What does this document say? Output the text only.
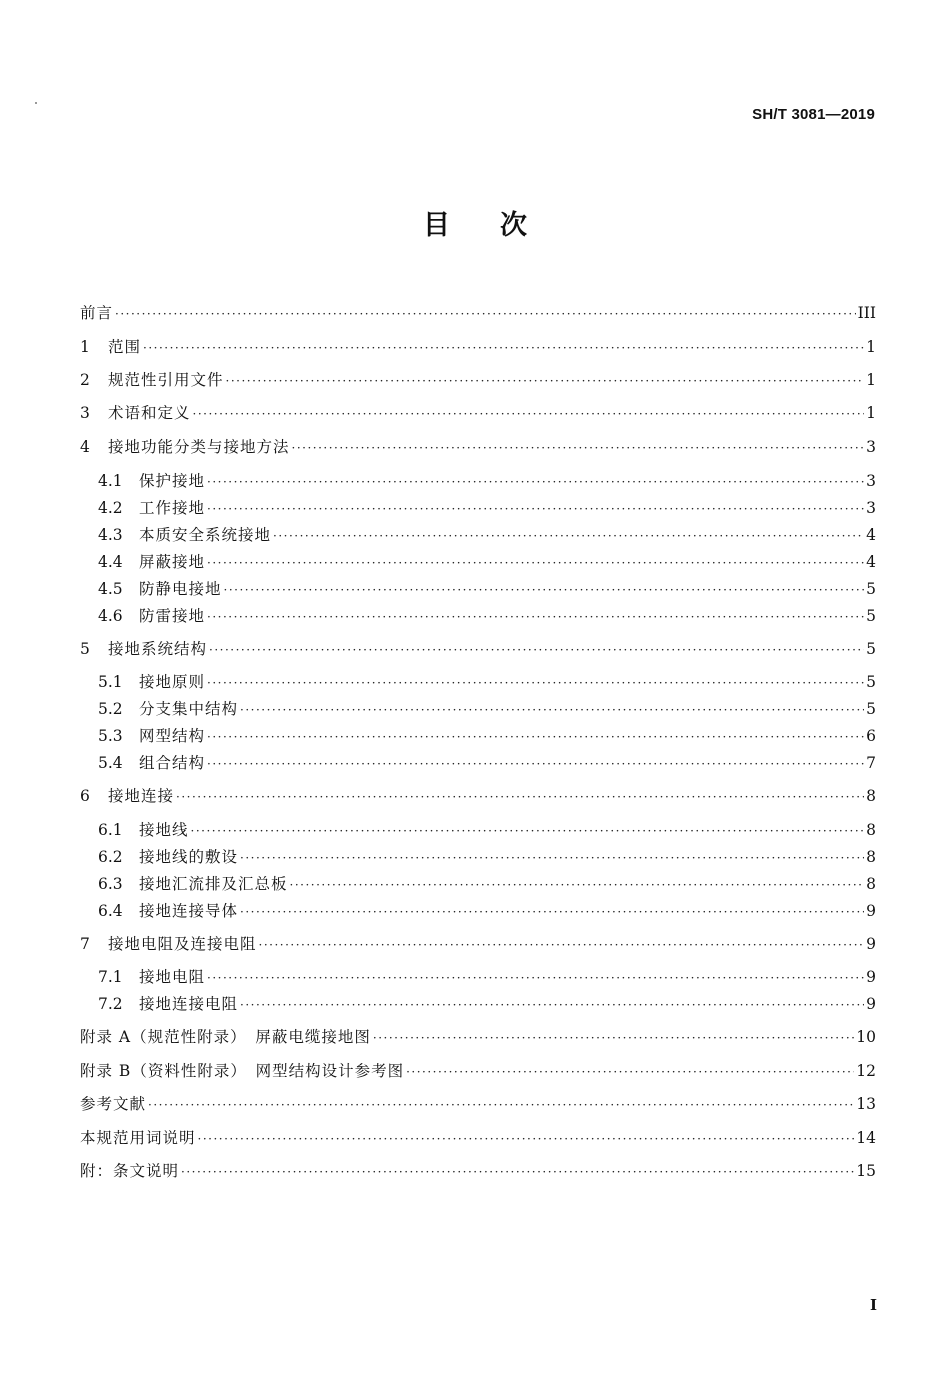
SH/T 3081—2019
目 次
前言 ·····	III
1	范围 ·····	1
2	规范性引用文件 ·····	1
3	术语和定义 ·····	1
4	接地功能分类与接地方法 ·····	3
4.1	保护接地 ·····	3
4.2	工作接地 ·····	3
4.3	本质安全系统接地 ·····	4
4.4	屏蔽接地 ·····	4
4.5	防静电接地 ·····	5
4.6	防雷接地 ·····	5
5	接地系统结构 ·····	5
5.1	接地原则 ·····	5
5.2	分支集中结构 ·····	5
5.3	网型结构 ·····	6
5.4	组合结构 ·····	7
6	接地连接 ·····	8
6.1	接地线 ·····	8
6.2	接地线的敷设 ·····	8
6.3	接地汇流排及汇总板 ·····	8
6.4	接地连接导体 ·····	9
7	接地电阻及连接电阻 ·····	9
7.1	接地电阻 ·····	9
7.2	接地连接电阻 ·····	9
附录 A（规范性附录）　屏蔽电缆接地图 ·····	10
附录 B（资料性附录）　网型结构设计参考图 ·····	12
参考文献 ·····	13
本规范用词说明 ·····	14
附：条文说明 ·····	15
I
